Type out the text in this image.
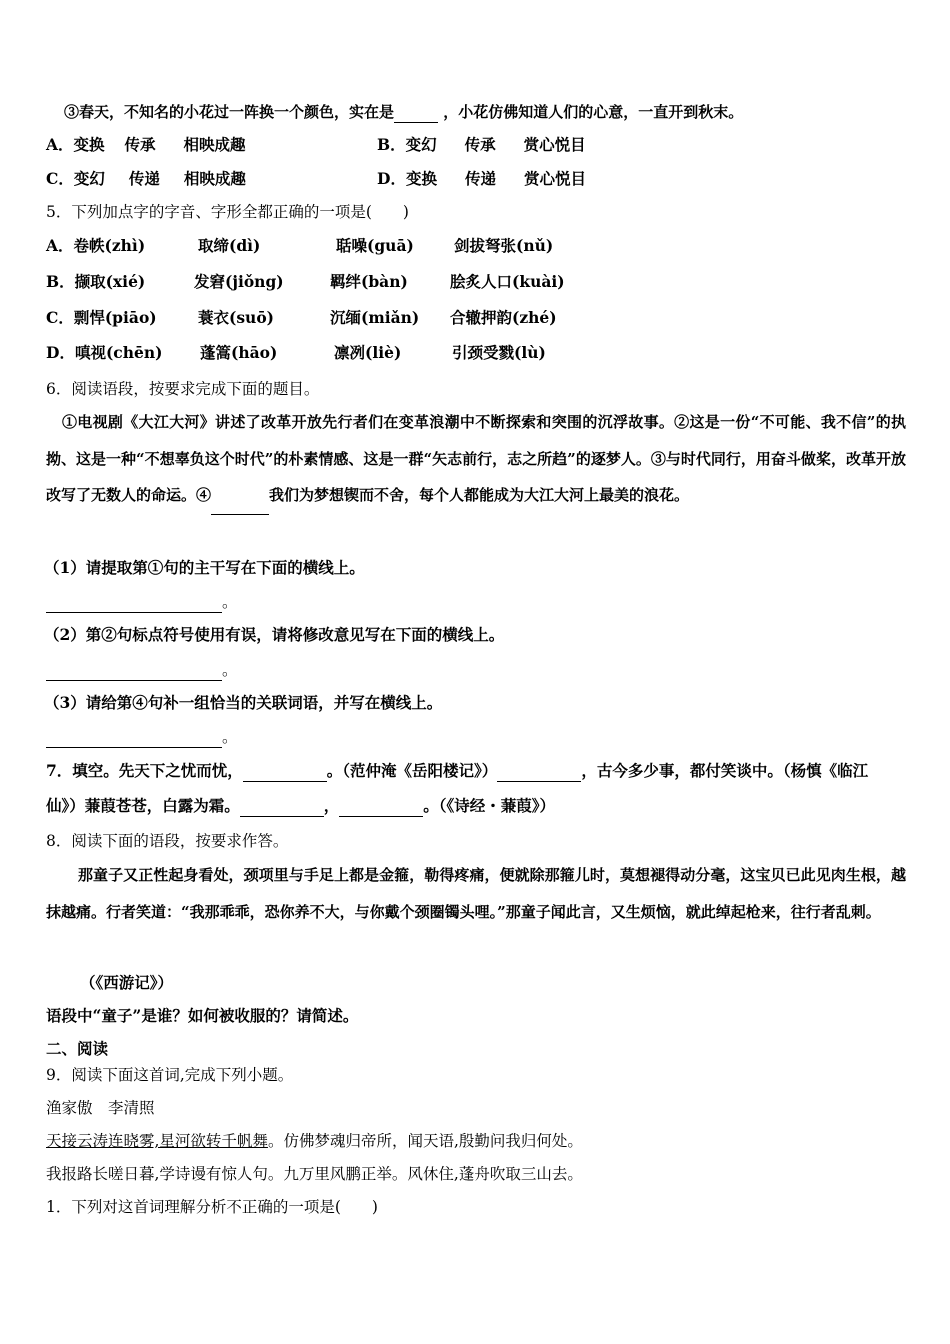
③春天，不知名的小花过一阵换一个颜色，实在是	，小花仿佛知道人们的心意，一直开到秋末。
A．变换 传承 相映成趣	B．变幻 传承 赏心悦目
C．变幻 传递 相映成趣	D．变换 传递 赏心悦目
5．下列加点字的字音、字形全都正确的一项是(　　)
A．卷帙(zhì)	取缔(dì)	聒噪(guā)	剑拔弩张(nǔ)
B．撷取(xié)	发窘(jiǒng)	羁绊(bàn)	脍炙人口(kuài)
C．剽悍(piāo)	蓑衣(suō)	沉缅(miǎn) 合辙押韵(zhé)
D．嗔视(chēn) 蓬篙(hāo)	凛冽(liè)	引颈受戮(lù)
6．阅读语段，按要求完成下面的题目。
①电视剧《大江大河》讲述了改革开放先行者们在变革浪潮中不断探索和突围的沉浮故事。②这是一份“不可能、我不信”的执拗、这是一种“不想辜负这个时代”的朴素情感、这是一群“矢志前行，志之所趋”的逐梦人。③与时代同行，用奋斗做桨，改革开放改写了无数人的命运。④	我们为梦想锲而不舍，每个人都能成为大江大河上最美的浪花。
（1）请提取第①句的主干写在下面的横线上。
。
（2）第②句标点符号使用有误，请将修改意见写在下面的横线上。
。
（3）请给第④句补一组恰当的关联词语，并写在横线上。
。
7．填空。先天下之忧而忧，	。（范仲淹《岳阳楼记》）	，古今多少事，都付笑谈中。（杨慎《临江
仙》）蒹葭苍苍，白露为霜。	，	。（《诗经・蒹葭》）
8．阅读下面的语段，按要求作答。
那童子又正性起身看处，颈项里与手足上都是金箍，勒得疼痛，便就除那箍儿时，莫想褪得动分毫，这宝贝已此见肉生根，越抹越痛。行者笑道：“我那乖乖，恐你养不大，与你戴个颈圈镯头哩。”那童子闻此言，又生烦恼，就此绰起枪来，往行者乱刺。
（《西游记》）
语段中“童子”是谁？如何被收服的？请简述。
二、阅读
9．阅读下面这首词,完成下列小题。
渔家傲　李清照
天接云涛连晓雾,星河欲转千帆舞。仿佛梦魂归帝所，闻天语,殷勤问我归何处。
我报路长嗟日暮,学诗谩有惊人句。九万里风鹏正举。风休住,蓬舟吹取三山去。
1．下列对这首词理解分析不正确的一项是(　　)
